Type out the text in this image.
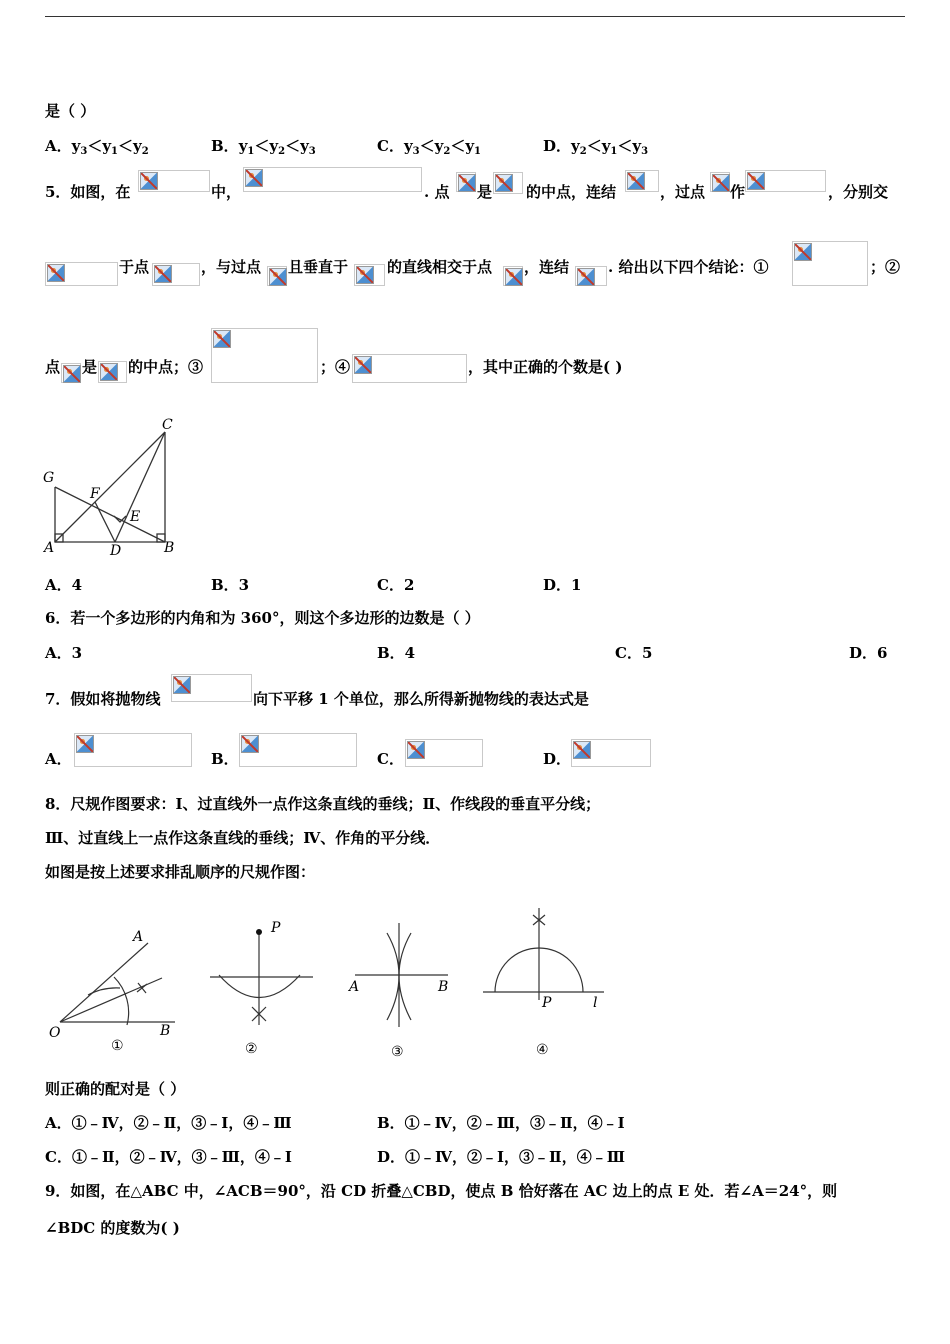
是（ ）
A．$y_3<y_1<y_2$	B．$y_1<y_2<y_3$	C．$y_3<y_2<y_1$	D．$y_2<y_1<y_3$
5．如图，在	中，	. 点 是 的中点，连结	，过点 作	，分别交
于点	，与过点 且垂直于	的直线相交于点 ，连结	. 给出以下四个结论：①	；②
点 是 的中点；③	；④	，其中正确的个数是( )
C
G
F
E
A	D	B
A．4	B．3	C．2	D．1
6．若一个多边形的内角和为 360°，则这个多边形的边数是（ ）
A．3	B．4	C．5	D．6
7．假如将抛物线	向下平移 1 个单位，那么所得新抛物线的表达式是
A．	B．	C．	D．
8．尺规作图要求：Ⅰ、过直线外一点作这条直线的垂线；Ⅱ、作线段的垂直平分线；
Ⅲ、过直线上一点作这条直线的垂线；Ⅳ、作角的平分线．
如图是按上述要求排乱顺序的尺规作图：
A
O	B
①
P
②
A	B
③
P	l
④
则正确的配对是（ ）
A．①﹣Ⅳ，②﹣Ⅱ，③﹣Ⅰ，④﹣Ⅲ	B．①﹣Ⅳ，②﹣Ⅲ，③﹣Ⅱ，④﹣Ⅰ
C．①﹣Ⅱ，②﹣Ⅳ，③﹣Ⅲ，④﹣Ⅰ	D．①﹣Ⅳ，②﹣Ⅰ，③﹣Ⅱ，④﹣Ⅲ
9．如图，在△ABC 中，∠ACB＝90°，沿 CD 折叠△CBD，使点 B 恰好落在 AC 边上的点 E 处．若∠A＝24°，则
∠BDC 的度数为( )
